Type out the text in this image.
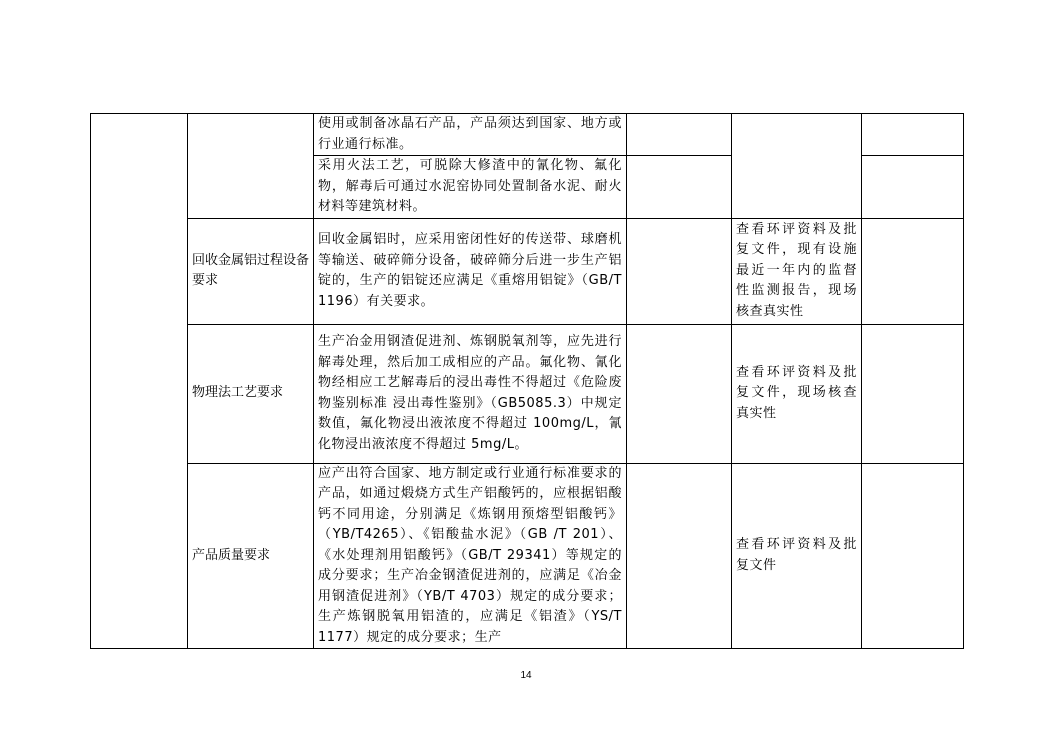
		使用或制备冰晶石产品，产品须达到国家、地方或行业通行标准。			
		采用火法工艺，可脱除大修渣中的氰化物、氟化物，解毒后可通过水泥窑协同处置制备水泥、耐火材料等建筑材料。			
	回收金属铝过程设备要求	回收金属铝时，应采用密闭性好的传送带、球磨机等输送、破碎筛分设备，破碎筛分后进一步生产铝锭的，生产的铝锭还应满足《重熔用铝锭》（GB/T 1196）有关要求。		查看环评资料及批复文件，现有设施最近一年内的监督性监测报告，现场核查真实性	
	物理法工艺要求	生产冶金用钢渣促进剂、炼钢脱氧剂等，应先进行解毒处理，然后加工成相应的产品。氟化物、氰化物经相应工艺解毒后的浸出毒性不得超过《危险废物鉴别标准 浸出毒性鉴别》（GB5085.3）中规定数值，氟化物浸出液浓度不得超过 100mg/L，氰化物浸出液浓度不得超过 5mg/L。		查看环评资料及批复文件，现场核查真实性	
	产品质量要求	应产出符合国家、地方制定或行业通行标准要求的产品，如通过煅烧方式生产铝酸钙的，应根据铝酸钙不同用途，分别满足《炼钢用预熔型铝酸钙》（YB/T4265）、《铝酸盐水泥》（GB /T 201）、《水处理剂用铝酸钙》（GB/T 29341）等规定的成分要求；生产冶金钢渣促进剂的，应满足《冶金用钢渣促进剂》（YB/T 4703）规定的成分要求；生产炼钢脱氧用铝渣的，应满足《铝渣》（YS/T 1177）规定的成分要求；生产		查看环评资料及批复文件	
14
